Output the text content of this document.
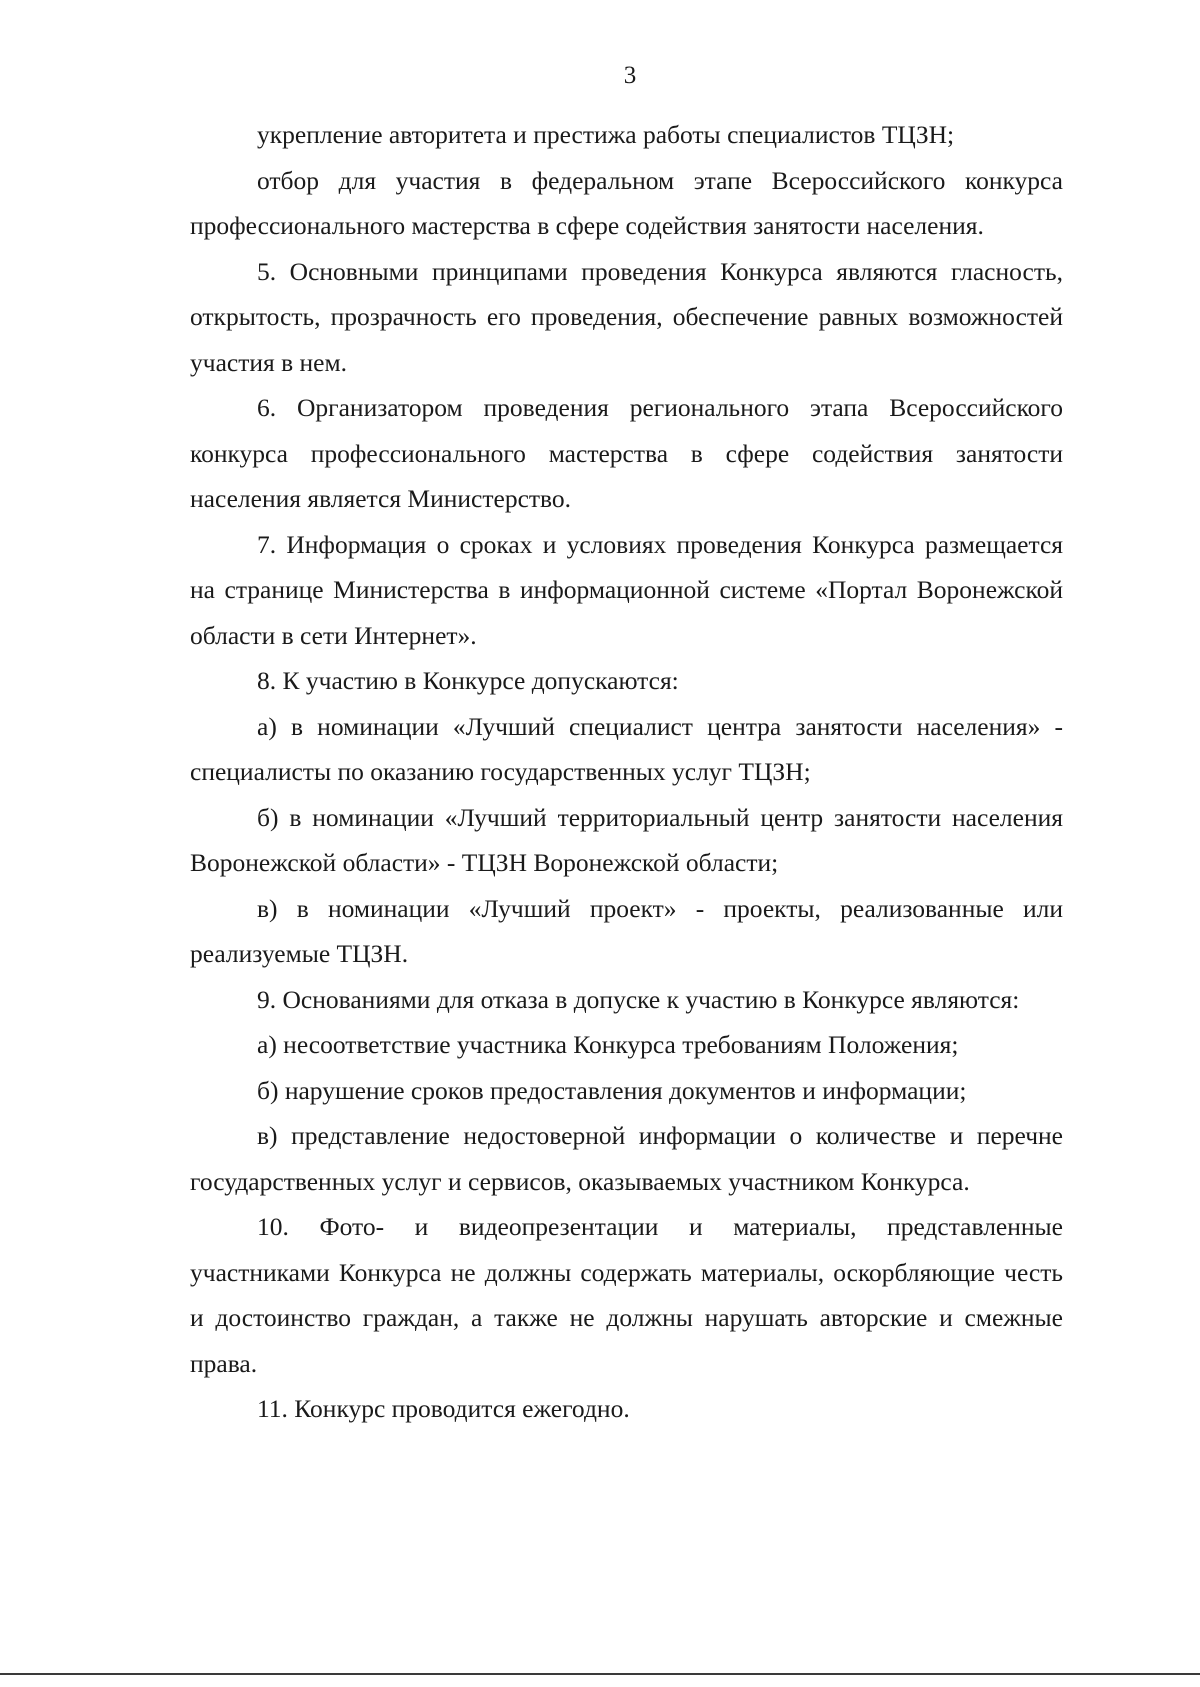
3

укрепление авторитета и престижа работы специалистов ТЦЗН;

отбор для участия в федеральном этапе Всероссийского конкурса профессионального мастерства в сфере содействия занятости населения.

5. Основными принципами проведения Конкурса являются гласность, открытость, прозрачность его проведения, обеспечение равных возможностей участия в нем.

6. Организатором проведения регионального этапа Всероссийского конкурса профессионального мастерства в сфере содействия занятости населения является Министерство.

7. Информация о сроках и условиях проведения Конкурса размещается на странице Министерства в информационной системе «Портал Воронежской области в сети Интернет».

8. К участию в Конкурсе допускаются:

а) в номинации «Лучший специалист центра занятости населения» - специалисты по оказанию государственных услуг ТЦЗН;

б) в номинации «Лучший территориальный центр занятости населения Воронежской области» - ТЦЗН Воронежской области;

в) в номинации «Лучший проект» - проекты, реализованные или реализуемые ТЦЗН.

9. Основаниями для отказа в допуске к участию в Конкурсе являются:

а) несоответствие участника Конкурса требованиям Положения;

б) нарушение сроков предоставления документов и информации;

в) представление недостоверной информации о количестве и перечне государственных услуг и сервисов, оказываемых участником Конкурса.

10. Фото- и видеопрезентации и материалы, представленные участниками Конкурса не должны содержать материалы, оскорбляющие честь и достоинство граждан, а также не должны нарушать авторские и смежные права.

11. Конкурс проводится ежегодно.
